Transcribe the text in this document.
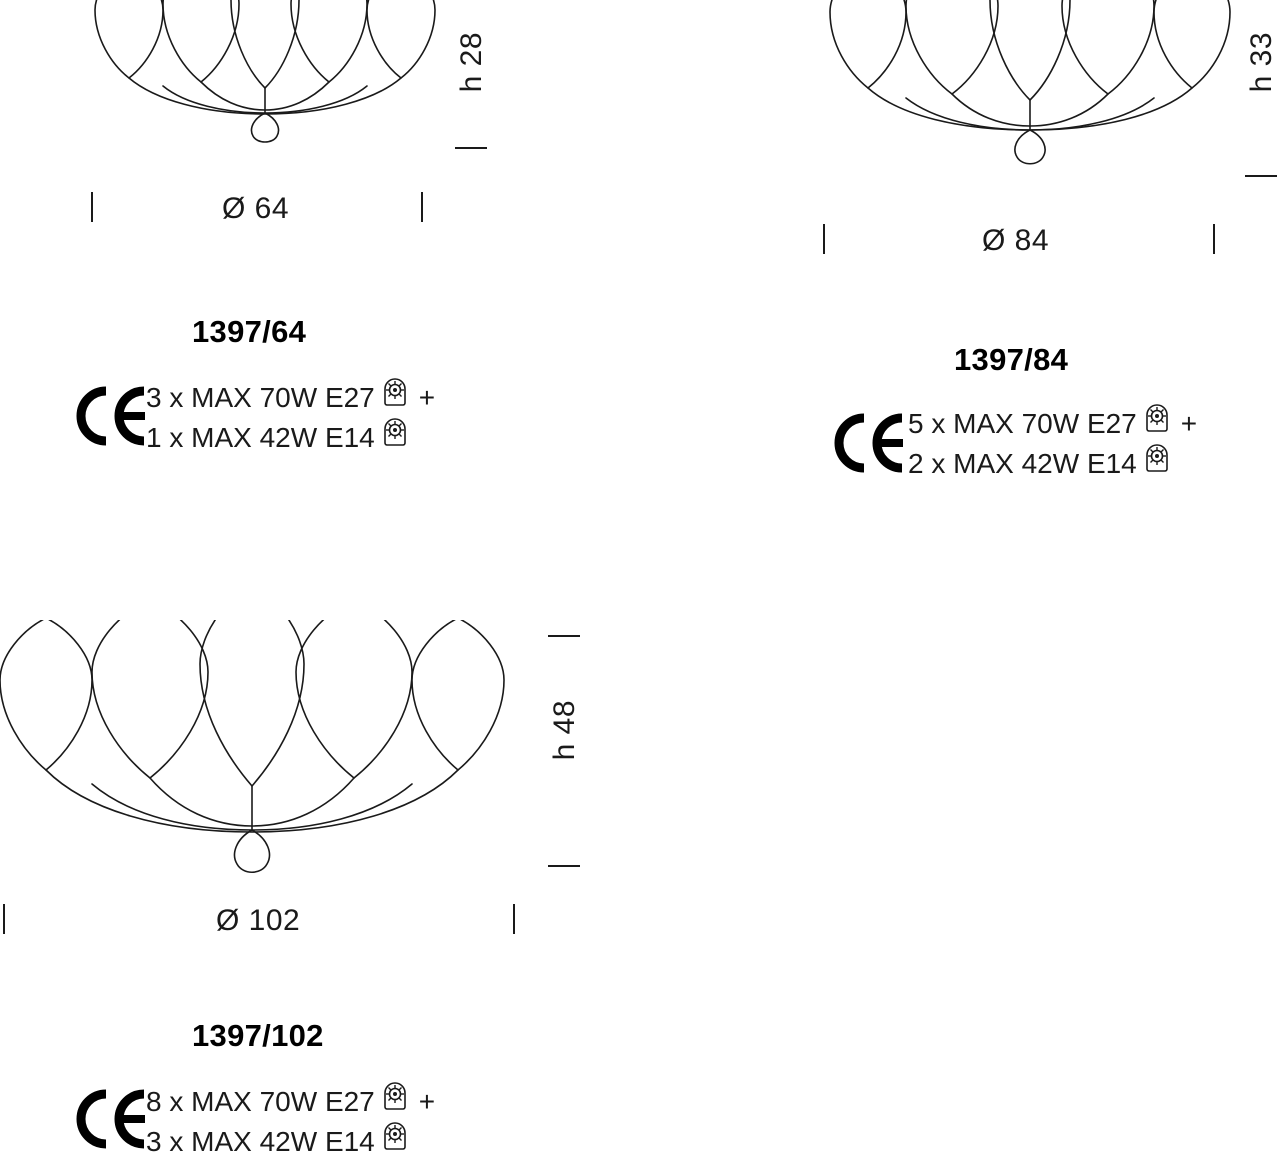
h 28
Ø 64
1397/64
3 x MAX 70W E27 +
1 x MAX 42W E14
h 33
Ø 84
1397/84
5 x MAX 70W E27 +
2 x MAX 42W E14
h 48
Ø 102
1397/102
8 x MAX 70W E27 +
3 x MAX 42W E14
